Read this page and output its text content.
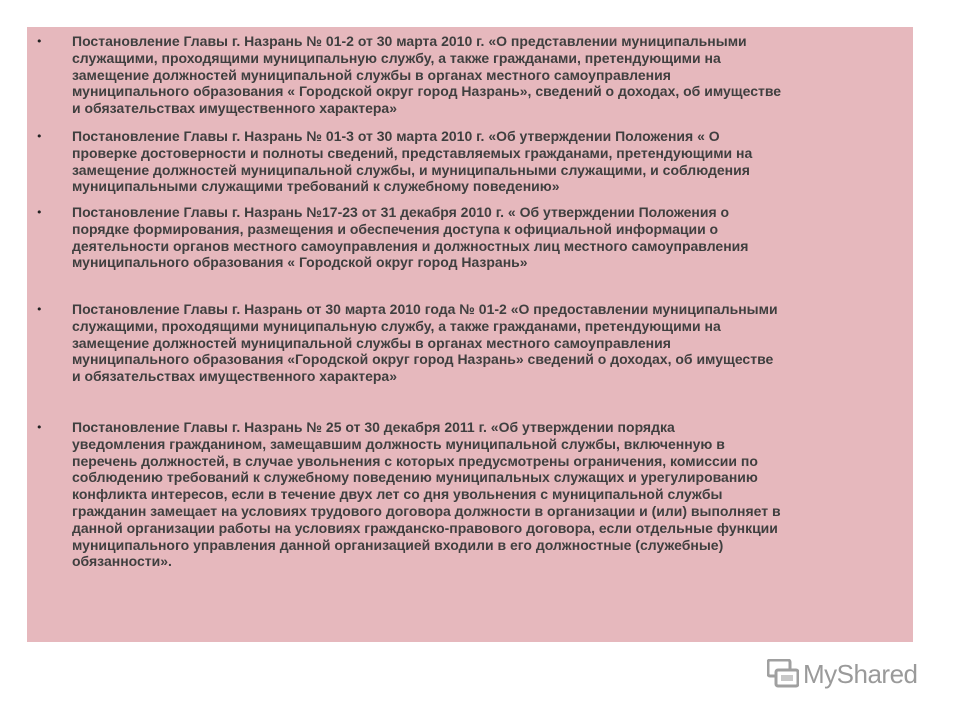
• Постановление Главы г. Назрань № 01-2 от 30 марта 2010 г. «О представлении муниципальными
служащими, проходящими муниципальную службу, а также гражданами, претендующими на
замещение должностей муниципальной службы в органах местного самоуправления
муниципального образования « Городской округ город Назрань», сведений о доходах, об имуществе
и обязательствах имущественного характера»

• Постановление Главы г. Назрань № 01-3 от 30 марта 2010 г. «Об утверждении Положения « О
проверке достоверности и полноты сведений, представляемых гражданами, претендующими на
замещение должностей муниципальной службы, и муниципальными служащими, и соблюдения
муниципальными служащими требований к служебному поведению»

• Постановление Главы г. Назрань №17-23 от 31 декабря 2010 г. « Об утверждении Положения о
порядке формирования, размещения и обеспечения доступа к официальной информации о
деятельности органов местного самоуправления и должностных лиц местного самоуправления
муниципального образования « Городской округ город Назрань»

• Постановление Главы г. Назрань от 30 марта 2010 года № 01-2 «О предоставлении муниципальными
служащими, проходящими муниципальную службу, а также гражданами, претендующими на
замещение должностей муниципальной службы в органах местного самоуправления
муниципального образования «Городской округ город Назрань» сведений о доходах, об имуществе
и обязательствах имущественного характера»

• Постановление Главы г. Назрань № 25 от 30 декабря 2011 г. «Об утверждении порядка
уведомления гражданином, замещавшим должность муниципальной службы, включенную в
перечень должностей, в случае увольнения с которых предусмотрены ограничения, комиссии по
соблюдению требований к служебному поведению муниципальных служащих и урегулированию
конфликта интересов, если в течение двух лет со дня увольнения с муниципальной службы
гражданин замещает на условиях трудового договора должности в организации и (или) выполняет в
данной организации работы на условиях гражданско-правового договора, если отдельные функции
муниципального управления данной организацией входили в его должностные (служебные)
обязанности».

MyShared
